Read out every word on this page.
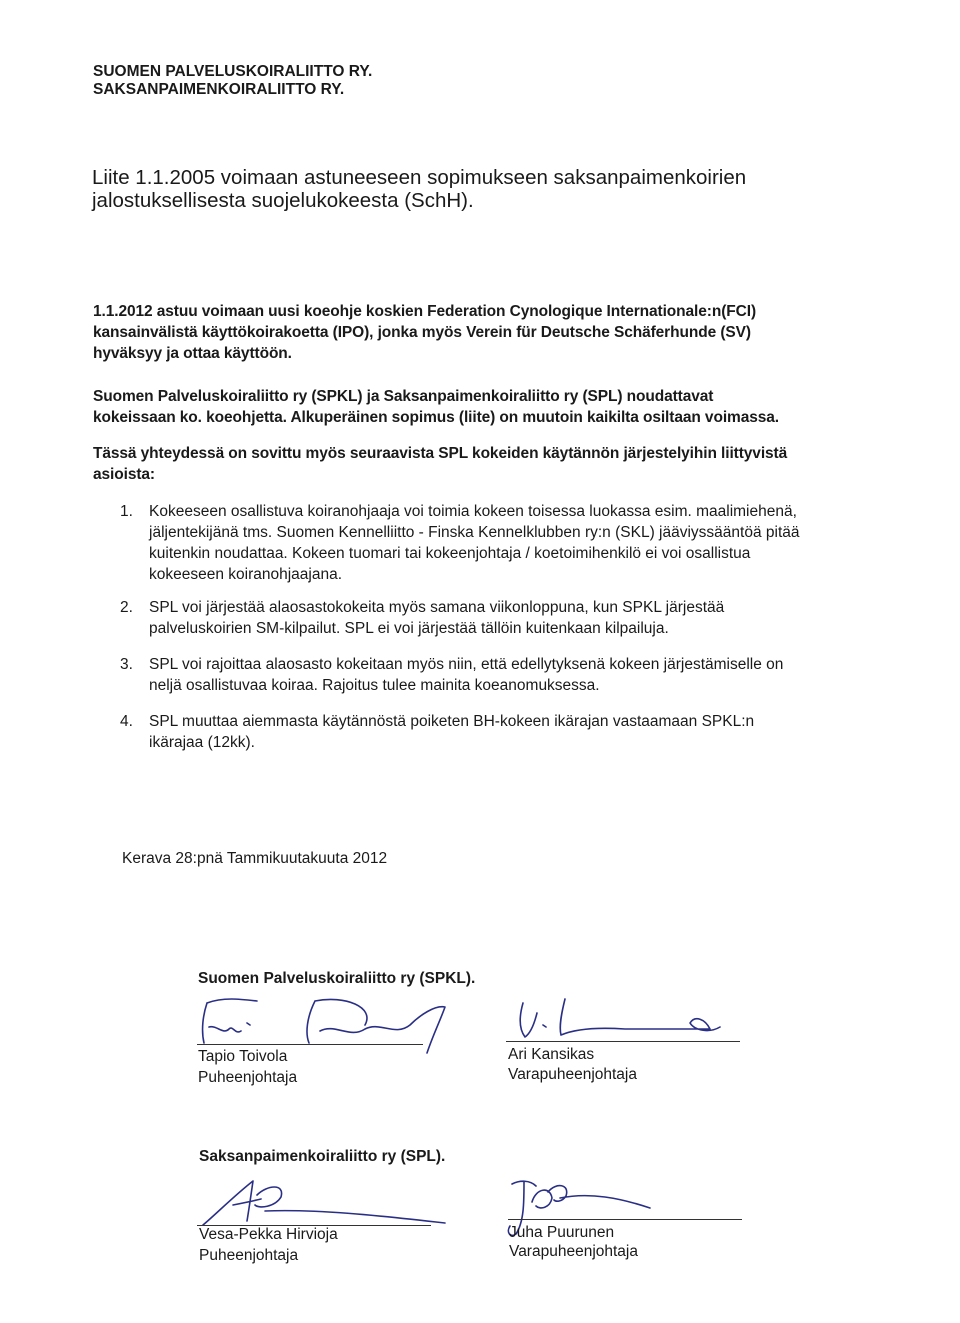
SUOMEN PALVELUSKOIRALIITTO RY.
SAKSANPAIMENKOIRALIITTO RY.
Liite 1.1.2005 voimaan astuneeseen sopimukseen saksanpaimenkoirien
jalostuksellisesta suojelukokeesta (SchH).
1.1.2012 astuu voimaan uusi koeohje koskien Federation Cynologique Internationale:n(FCI)
kansainvälistä käyttökoirakoetta (IPO), jonka myös Verein für Deutsche Schäferhunde (SV)
hyväksyy ja ottaa käyttöön.
Suomen Palveluskoiraliitto ry (SPKL) ja Saksanpaimenkoiraliitto ry (SPL) noudattavat
kokeissaan ko. koeohjetta. Alkuperäinen sopimus (liite) on muutoin kaikilta osiltaan voimassa.
Tässä yhteydessä on sovittu myös seuraavista SPL kokeiden käytännön järjestelyihin liittyvistä
asioista:
1. Kokeeseen osallistuva koiranohjaaja voi toimia kokeen toisessa luokassa esim. maalimiehenä,
jäljentekijänä tms. Suomen Kennelliitto - Finska Kennelklubben ry:n (SKL) jääviyssääntöä pitää
kuitenkin noudattaa. Kokeen tuomari tai kokeenjohtaja / koetoimihenkilö ei voi osallistua
kokeeseen koiranohjaajana.
2. SPL voi järjestää alaosastokokeita myös samana viikonloppuna, kun SPKL järjestää
palveluskoirien SM-kilpailut. SPL ei voi järjestää tällöin kuitenkaan kilpailuja.
3. SPL voi rajoittaa alaosasto kokeitaan myös niin, että edellytyksenä kokeen järjestämiselle on
neljä osallistuvaa koiraa. Rajoitus tulee mainita koeanomuksessa.
4. SPL muuttaa aiemmasta käytännöstä poiketen BH-kokeen ikärajan vastaamaan SPKL:n
ikärajaa (12kk).
Kerava 28:pnä Tammikuutakuuta 2012
Suomen Palveluskoiraliitto ry (SPKL).
Tapio Toivola
Puheenjohtaja
Ari Kansikas
Varapuheenjohtaja
Saksanpaimenkoiraliitto ry (SPL).
Vesa-Pekka Hirvioja
Puheenjohtaja
Juha Puurunen
Varapuheenjohtaja
